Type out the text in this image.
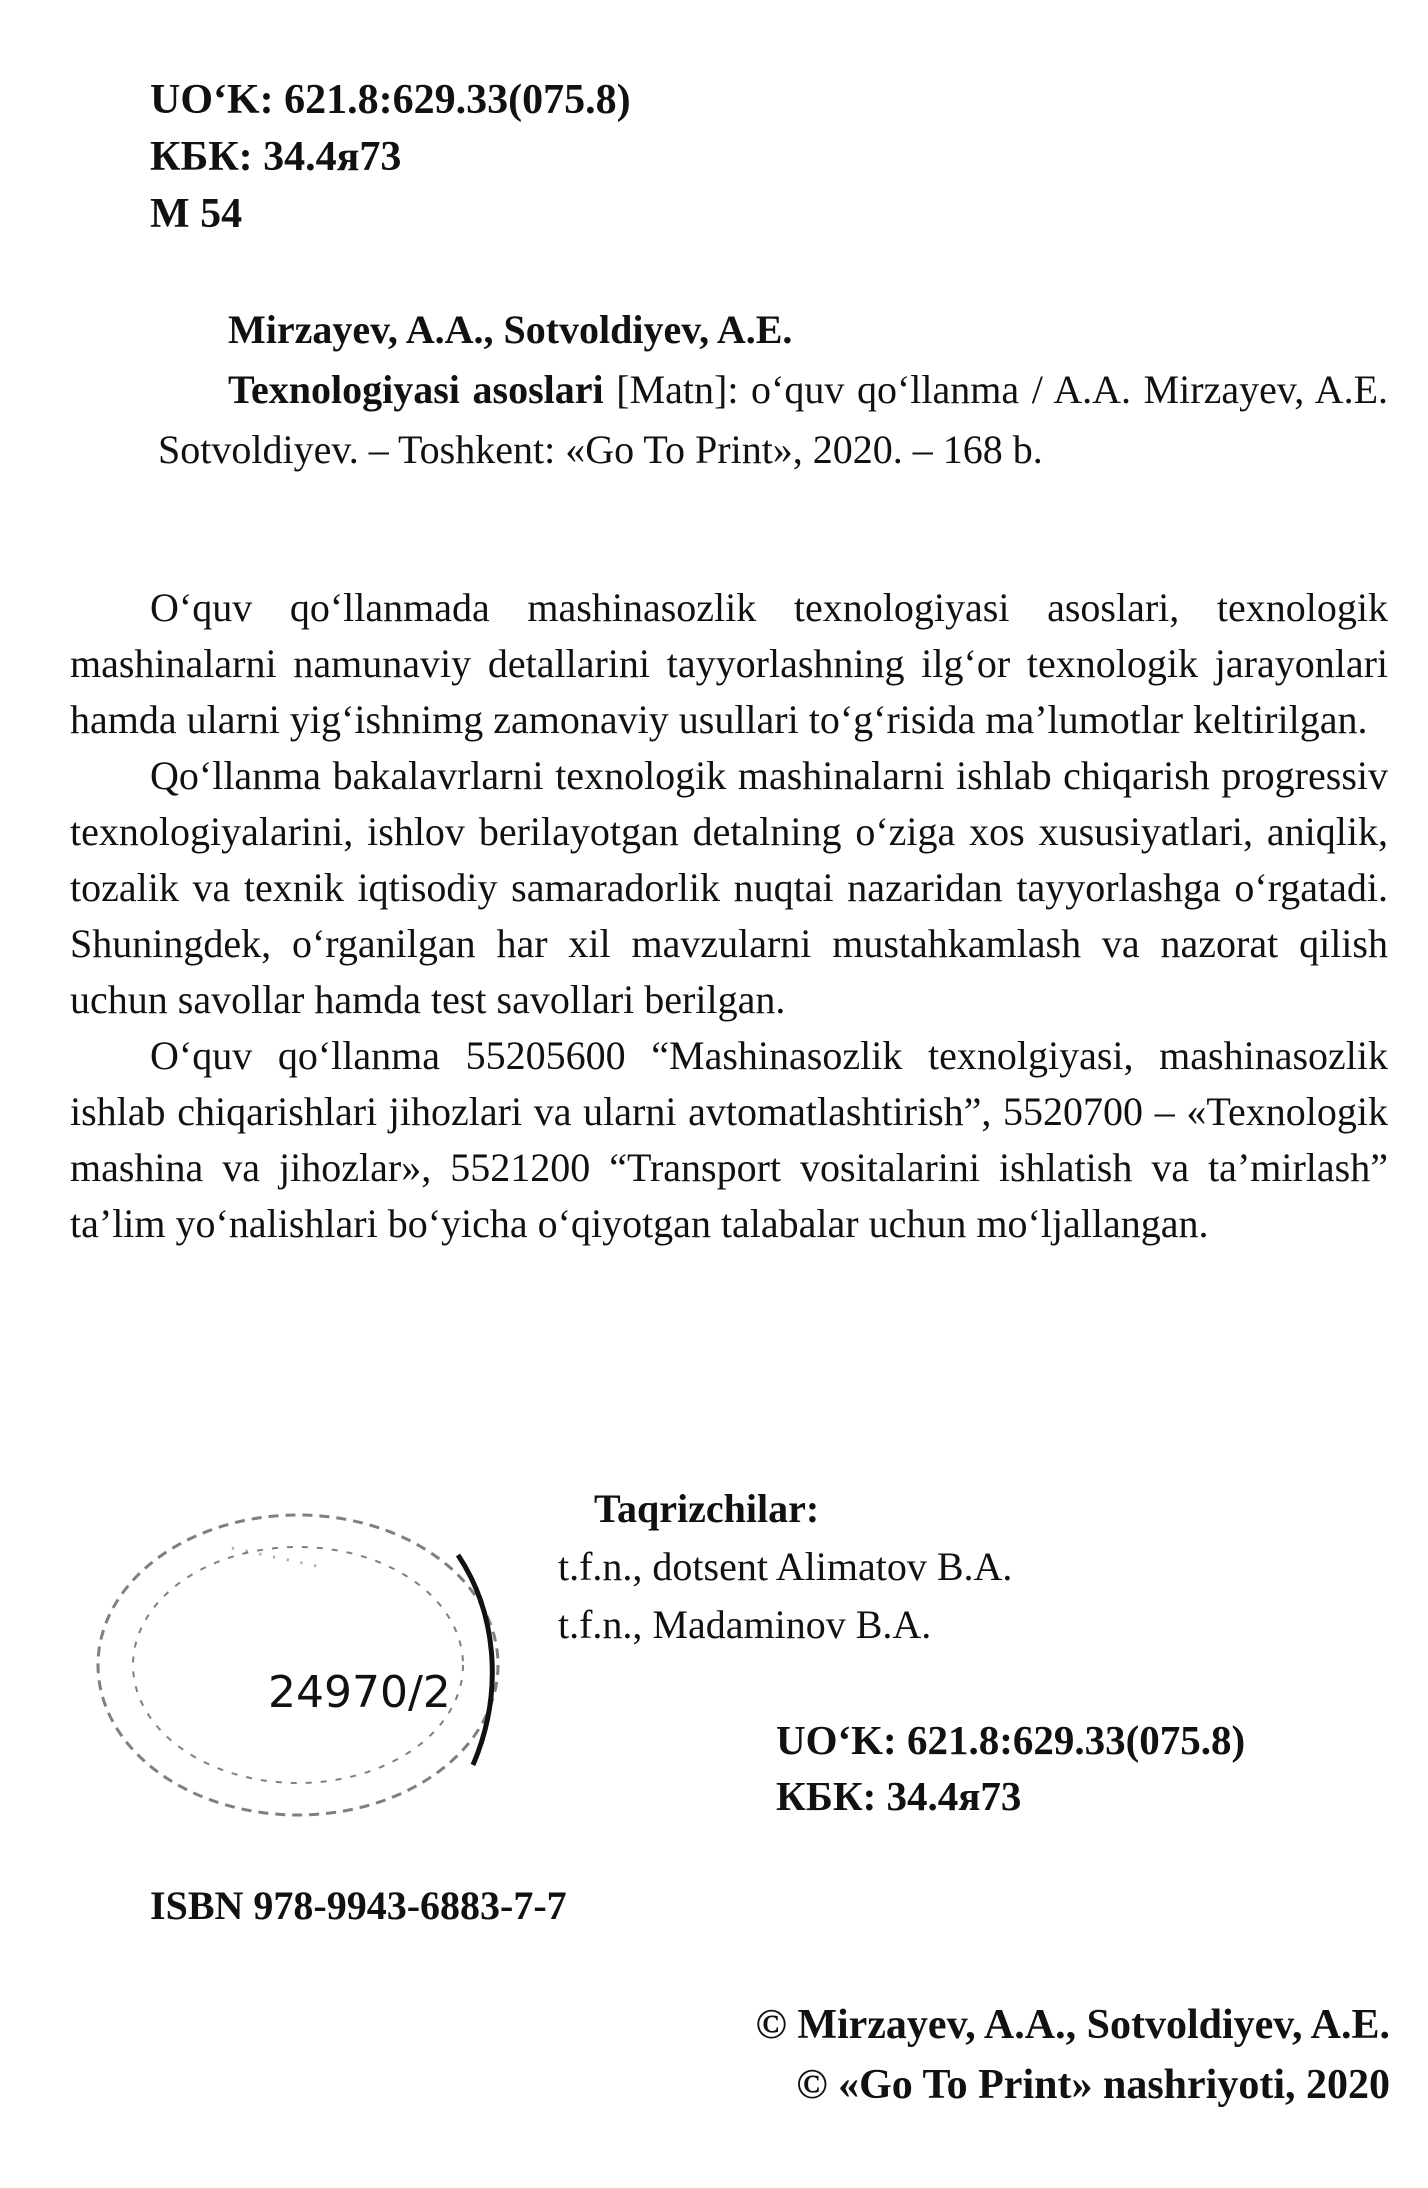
UO‘K: 621.8:629.33(075.8)
КБК: 34.4я73
M 54
Mirzayev, A.A., Sotvoldiyev, A.E.
Texnologiyasi asoslari [Matn]: o‘quv qo‘llanma / A.A. Mirzayev, A.E. Sotvoldiyev. – Toshkent: «Go To Print», 2020. – 168 b.

O‘quv qo‘llanmada mashinasozlik texnologiyasi asoslari, texnologik mashinalarni namunaviy detallarini tayyorlashning ilg‘or texnologik jarayonlari hamda ularni yig‘ishnimg zamonaviy usullari to‘g‘risida ma’lumotlar keltirilgan.

Qo‘llanma bakalavrlarni texnologik mashinalarni ishlab chiqarish progressiv texnologiyalarini, ishlov berilayotgan detalning o‘ziga xos xususiyatlari, aniqlik, tozalik va texnik iqtisodiy samaradorlik nuqtai nazaridan tayyorlashga o‘rgatadi. Shuningdek, o‘rganilgan har xil mavzularni mustahkamlash va nazorat qilish uchun savollar hamda test savollari berilgan.

O‘quv qo‘llanma 55205600 “Mashinasozlik texnolgiyasi, mashinasozlik ishlab chiqarishlari jihozlari va ularni avtomatlashtirish”, 5520700 – «Texnologik mashina va jihozlar», 5521200 “Transport vositalarini ishlatish va ta’mirlash” ta’lim yo‘nalishlari bo‘yicha o‘qiyotgan talabalar uchun mo‘ljallangan.

· · · · · · ·
24970/2
Taqrizchilar:
t.f.n., dotsent Alimatov B.A.
t.f.n., Madaminov B.A.
UO‘K: 621.8:629.33(075.8)
КБК: 34.4я73
ISBN 978-9943-6883-7-7
© Mirzayev, A.A., Sotvoldiyev, A.E.
© «Go To Print» nashriyoti, 2020
